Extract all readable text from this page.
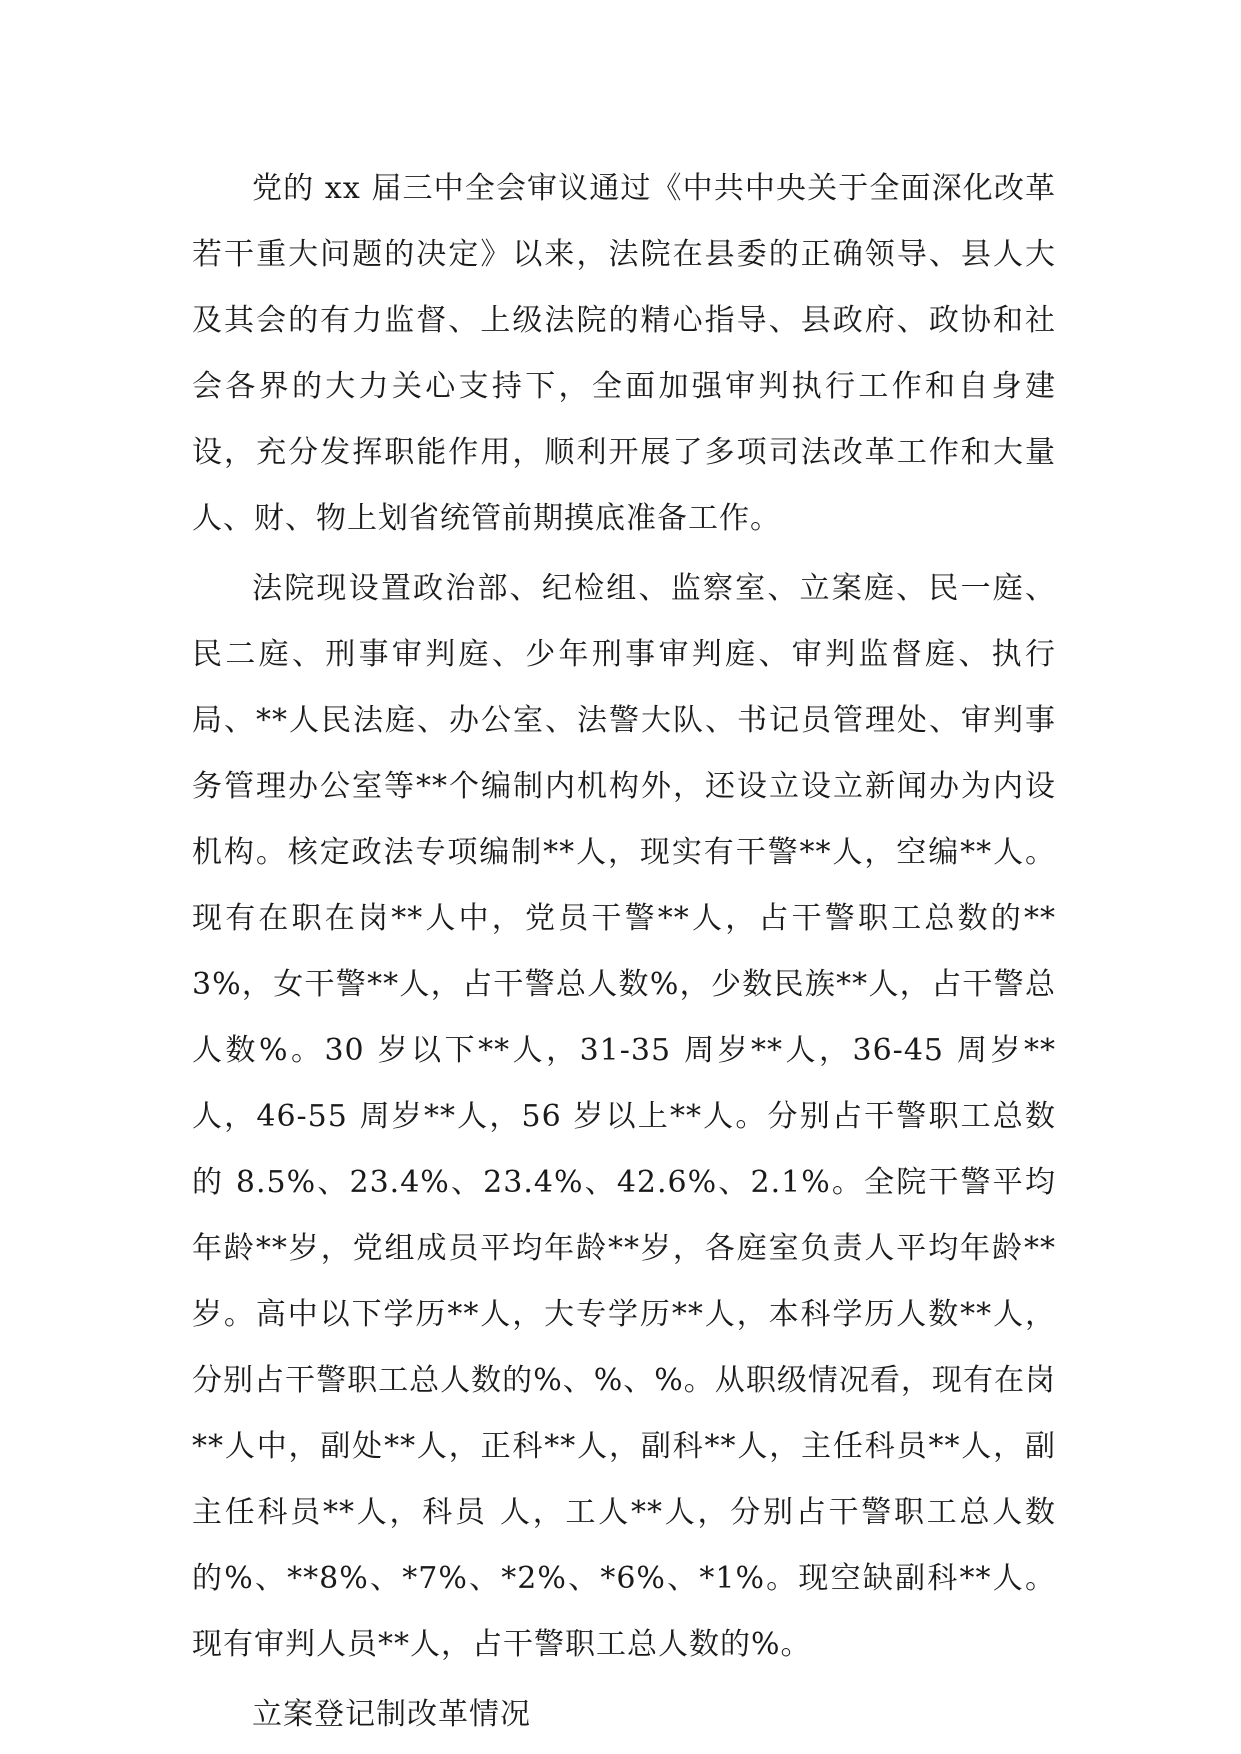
党的 xx 届三中全会审议通过《中共中央关于全面深化改革若干重大问题的决定》以来，法院在县委的正确领导、县人大及其会的有力监督、上级法院的精心指导、县政府、政协和社会各界的大力关心支持下，全面加强审判执行工作和自身建设，充分发挥职能作用，顺利开展了多项司法改革工作和大量人、财、物上划省统管前期摸底准备工作。

法院现设置政治部、纪检组、监察室、立案庭、民一庭、民二庭、刑事审判庭、少年刑事审判庭、审判监督庭、执行局、**人民法庭、办公室、法警大队、书记员管理处、审判事务管理办公室等**个编制内机构外，还设立设立新闻办为内设机构。核定政法专项编制**人，现实有干警**人，空编**人。现有在职在岗**人中，党员干警**人，占干警职工总数的**3%，女干警**人，占干警总人数%，少数民族**人，占干警总人数%。30 岁以下**人，31-35 周岁**人，36-45 周岁**人，46-55 周岁**人，56 岁以上**人。分别占干警职工总数的 8.5%、23.4%、23.4%、42.6%、2.1%。全院干警平均年龄**岁，党组成员平均年龄**岁，各庭室负责人平均年龄**岁。高中以下学历**人，大专学历**人，本科学历人数**人，分别占干警职工总人数的%、%、%。从职级情况看，现有在岗**人中，副处**人，正科**人，副科**人，主任科员**人，副主任科员**人，科员 人，工人**人，分别占干警职工总人数的%、**8%、*7%、*2%、*6%、*1%。现空缺副科**人。现有审判人员**人，占干警职工总人数的%。

立案登记制改革情况
